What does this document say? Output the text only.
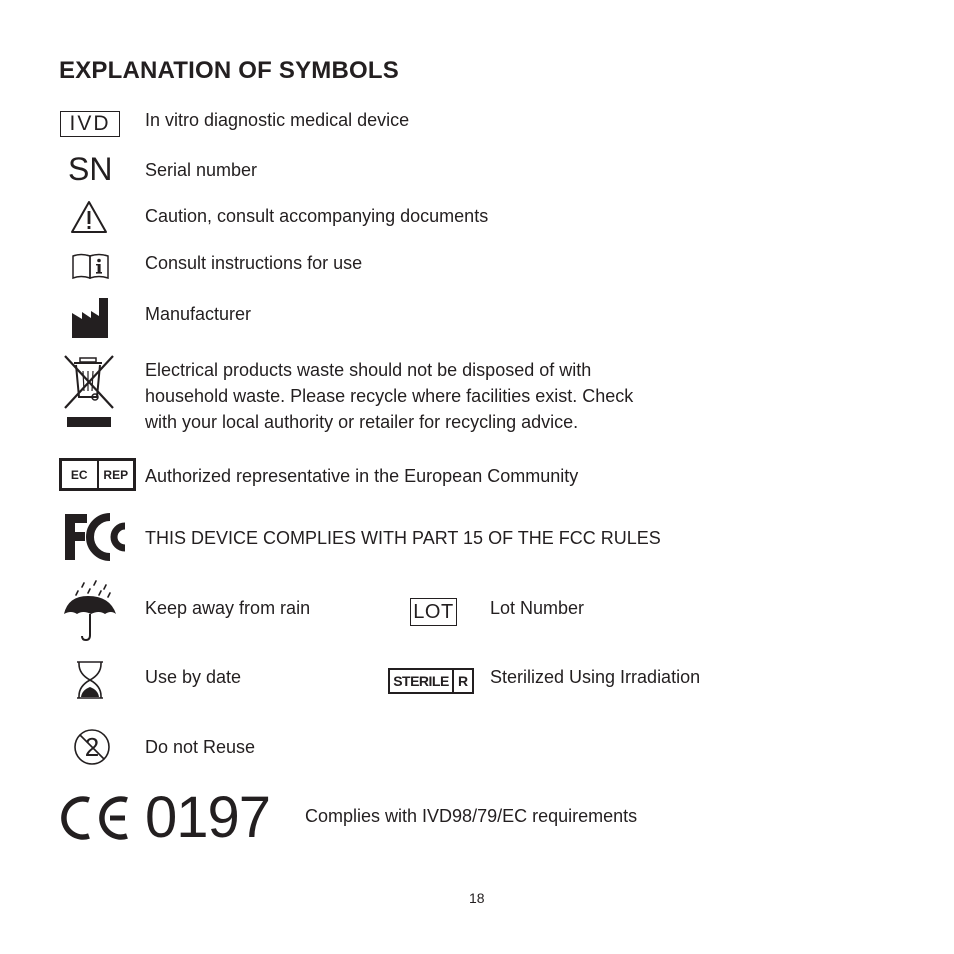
EXPLANATION OF SYMBOLS
IVD In vitro diagnostic medical device
SN Serial number
Caution, consult accompanying documents
Consult instructions for use
Manufacturer
Electrical products waste should not be disposed of with
household waste. Please recycle where facilities exist. Check
with your local authority or retailer for recycling advice.
EC	REP Authorized representative in the European Community
THIS DEVICE COMPLIES WITH PART 15 OF THE FCC RULES
Keep away from rain	LOT Lot Number
Use by date	STERILE R Sterilized Using Irradiation
2	Do not Reuse
0197 Complies with IVD98/79/EC requirements
18
